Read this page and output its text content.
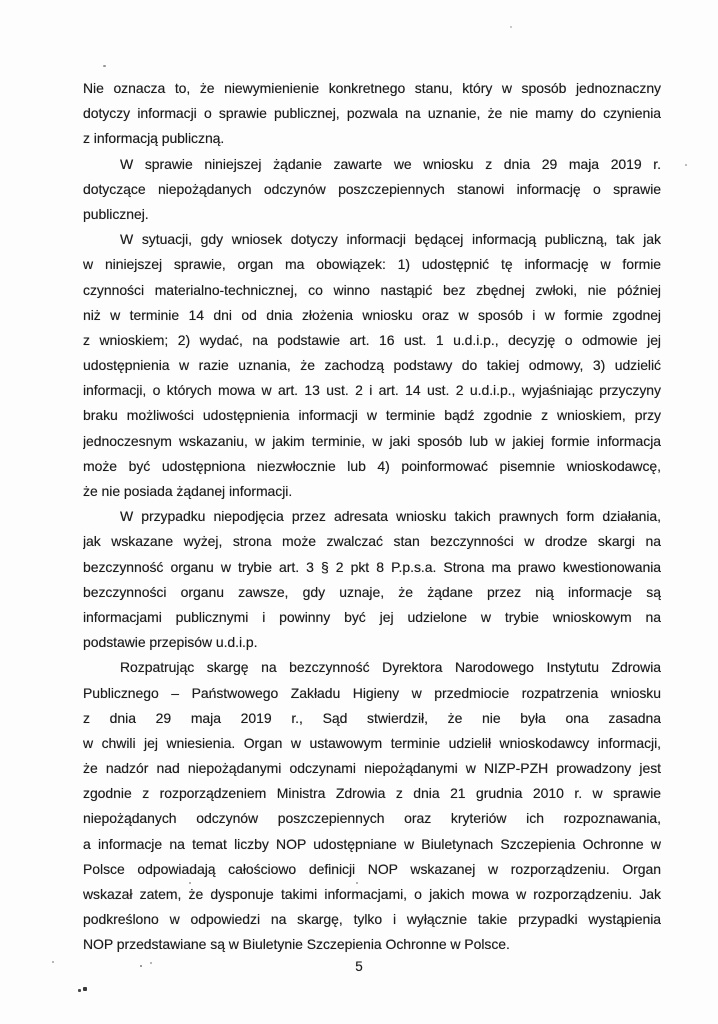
Nie oznacza to, że niewymienienie konkretnego stanu, który w sposób jednoznaczny
dotyczy informacji o sprawie publicznej, pozwala na uznanie, że nie mamy do czynienia
z informacją publiczną.
W sprawie niniejszej żądanie zawarte we wniosku z dnia 29 maja 2019 r.
dotyczące niepożądanych odczynów poszczepiennych stanowi informację o sprawie
publicznej.
W sytuacji, gdy wniosek dotyczy informacji będącej informacją publiczną, tak jak
w niniejszej sprawie, organ ma obowiązek: 1) udostępnić tę informację w formie
czynności materialno-technicznej, co winno nastąpić bez zbędnej zwłoki, nie później
niż w terminie 14 dni od dnia złożenia wniosku oraz w sposób i w formie zgodnej
z wnioskiem; 2) wydać, na podstawie art. 16 ust. 1 u.d.i.p., decyzję o odmowie jej
udostępnienia w razie uznania, że zachodzą podstawy do takiej odmowy, 3) udzielić
informacji, o których mowa w art. 13 ust. 2 i art. 14 ust. 2 u.d.i.p., wyjaśniając przyczyny
braku możliwości udostępnienia informacji w terminie bądź zgodnie z wnioskiem, przy
jednoczesnym wskazaniu, w jakim terminie, w jaki sposób lub w jakiej formie informacja
może być udostępniona niezwłocznie lub 4) poinformować pisemnie wnioskodawcę,
że nie posiada żądanej informacji.
W przypadku niepodjęcia przez adresata wniosku takich prawnych form działania,
jak wskazane wyżej, strona może zwalczać stan bezczynności w drodze skargi na
bezczynność organu w trybie art. 3 § 2 pkt 8 P.p.s.a. Strona ma prawo kwestionowania
bezczynności organu zawsze, gdy uznaje, że żądane przez nią informacje są
informacjami publicznymi i powinny być jej udzielone w trybie wnioskowym na
podstawie przepisów u.d.i.p.
Rozpatrując skargę na bezczynność Dyrektora Narodowego Instytutu Zdrowia
Publicznego – Państwowego Zakładu Higieny w przedmiocie rozpatrzenia wniosku
z dnia 29 maja 2019 r., Sąd stwierdził, że nie była ona zasadna
w chwili jej wniesienia. Organ w ustawowym terminie udzielił wnioskodawcy informacji,
że nadzór nad niepożądanymi odczynami niepożądanymi w NIZP-PZH prowadzony jest
zgodnie z rozporządzeniem Ministra Zdrowia z dnia 21 grudnia 2010 r. w sprawie
niepożądanych odczynów poszczepiennych oraz kryteriów ich rozpoznawania,
a informacje na temat liczby NOP udostępniane w Biuletynach Szczepienia Ochronne w
Polsce odpowiadają całościowo definicji NOP wskazanej w rozporządzeniu. Organ
wskazał zatem, że dysponuje takimi informacjami, o jakich mowa w rozporządzeniu. Jak
podkreślono w odpowiedzi na skargę, tylko i wyłącznie takie przypadki wystąpienia
NOP przedstawiane są w Biuletynie Szczepienia Ochronne w Polsce.
5
